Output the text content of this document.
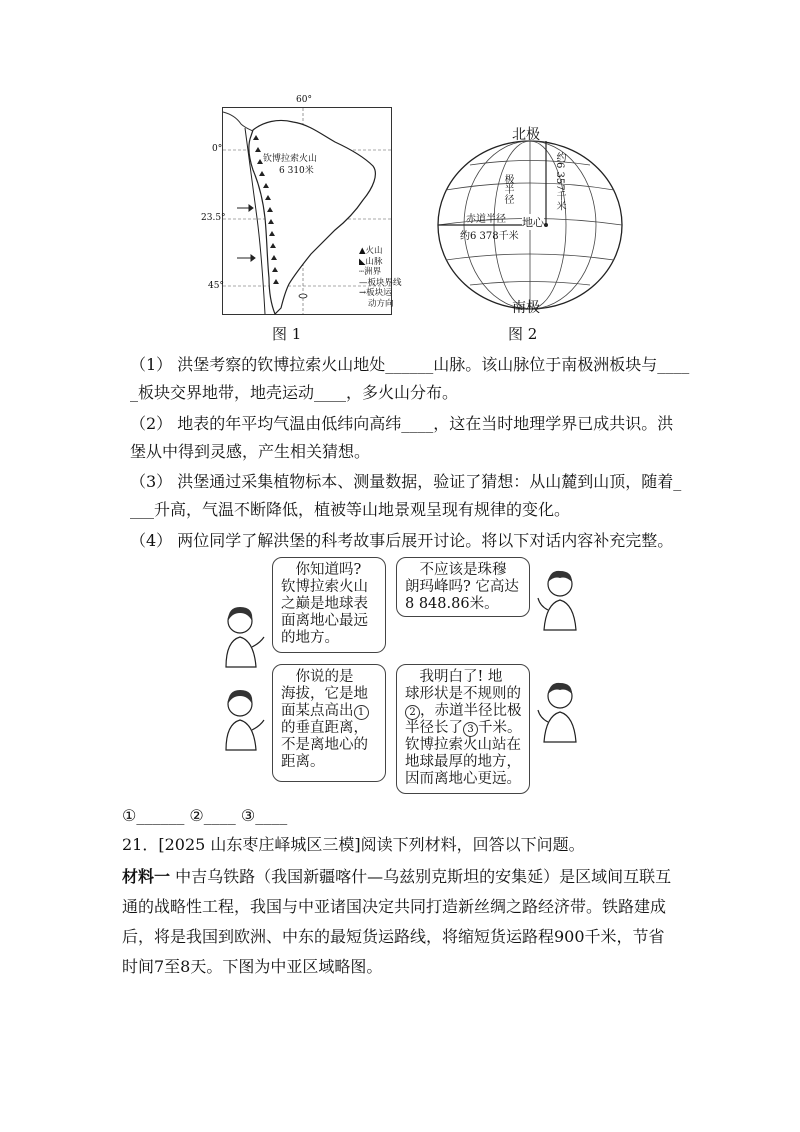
钦博拉索火山
6 310米
▲火山
◣山脉
┄洲界
—板块界线
→板块运
动方向
60°
0°
23.5°
45°
图 1
极半径	约6 357千米
赤道半径
约6 378千米
地心
北极
南极
图 2
（1） 洪堡考察的钦博拉索火山地处______山脉。该山脉位于南极洲板块与____
_板块交界地带，地壳运动____，多火山分布。
（2） 地表的年平均气温由低纬向高纬____，这在当时地理学界已成共识。洪
堡从中得到灵感，产生相关猜想。
（3） 洪堡通过采集植物标本、测量数据，验证了猜想：从山麓到山顶，随着_
___升高，气温不断降低，植被等山地景观呈现有规律的变化。
（4） 两位同学了解洪堡的科考故事后展开讨论。将以下对话内容补充完整。
　你知道吗?
钦博拉索火山
之巅是地球表
面离地心最远
的地方。
　不应该是珠穆
朗玛峰吗? 它高达
8 848.86米。
　你说的是
海拔，它是地
面某点高出 1
的垂直距离，
不是离地心的
距离。
　我明白了! 地
球形状是不规则的
2 ，赤道半径比极
半径长了 3 千米。
钦博拉索火山站在
地球最厚的地方，
因而离地心更远。
①______ ②____ ③____
21．[2025 山东枣庄峄城区三模]阅读下列材料，回答以下问题。
材料一 中吉乌铁路（我国新疆喀什—乌兹别克斯坦的安集延）是区域间互联互
通的战略性工程，我国与中亚诸国决定共同打造新丝绸之路经济带。铁路建成
后，将是我国到欧洲、中东的最短货运路线，将缩短货运路程900千米，节省
时间7至8天。下图为中亚区域略图。
